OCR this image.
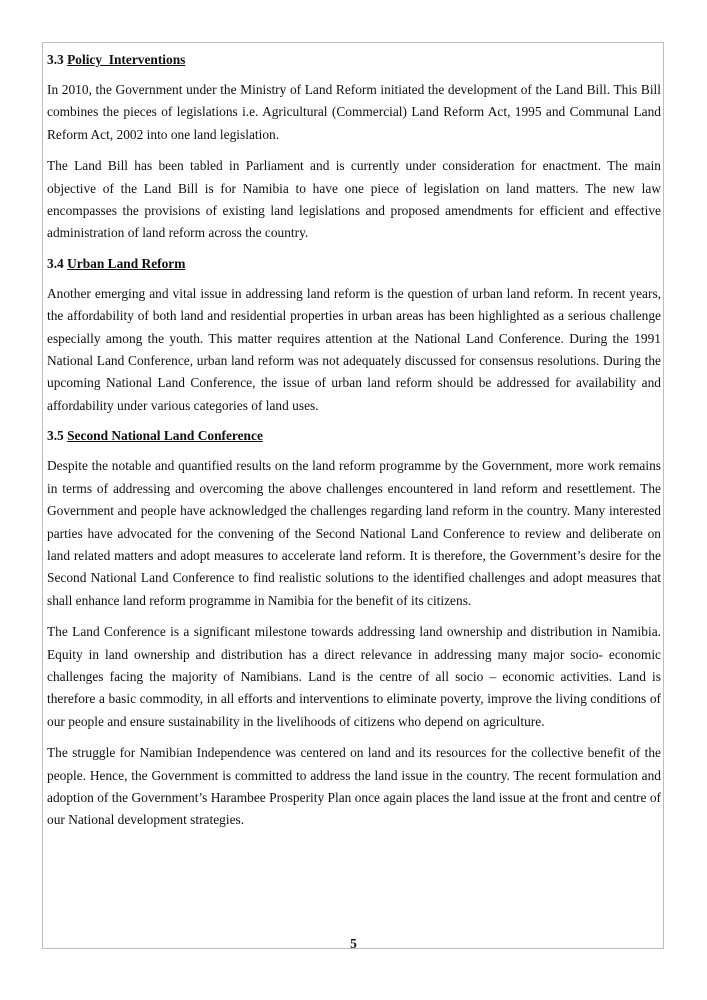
3.3 Policy  Interventions

In 2010, the Government under the Ministry of Land Reform initiated the development of the Land Bill. This Bill combines the pieces of legislations i.e. Agricultural (Commercial) Land Reform Act, 1995 and Communal Land Reform Act, 2002 into one land legislation.

The Land Bill has been tabled in Parliament and is currently under consideration for enactment. The main objective of the Land Bill is for Namibia to have one piece of legislation on land matters. The new law encompasses the provisions of existing land legislations and proposed amendments for efficient and effective administration of land reform across the country.

3.4 Urban Land Reform

Another emerging and vital issue in addressing land reform is the question of urban land reform. In recent years, the affordability of both land and residential properties in urban areas has been highlighted as a serious challenge especially among the youth. This matter requires attention at the National Land Conference. During the 1991 National Land Conference, urban land reform was not adequately discussed for consensus resolutions. During the upcoming National Land Conference, the issue of urban land reform should be addressed for availability and affordability under various categories of land uses.

3.5 Second National Land Conference

Despite the notable and quantified results on the land reform programme by the Government, more work remains in terms of addressing and overcoming the above challenges encountered in land reform and resettlement. The Government and people have acknowledged the challenges regarding land reform in the country. Many interested parties have advocated for the convening of the Second National Land Conference to review and deliberate on land related matters and adopt measures to accelerate land reform. It is therefore, the Government’s desire for the Second National Land Conference to find realistic solutions to the identified challenges and adopt measures that shall enhance land reform programme in Namibia for the benefit of its citizens.

The Land Conference is a significant milestone towards addressing land ownership and distribution in Namibia. Equity in land ownership and distribution has a direct relevance in addressing many major socio- economic challenges facing the majority of Namibians. Land is the centre of all socio – economic activities. Land is therefore a basic commodity, in all efforts and interventions to eliminate poverty, improve the living conditions of our people and ensure sustainability in the livelihoods of citizens who depend on agriculture.

The struggle for Namibian Independence was centered on land and its resources for the collective benefit of the people. Hence, the Government is committed to address the land issue in the country. The recent formulation and adoption of the Government’s Harambee Prosperity Plan once again places the land issue at the front and centre of our National development strategies.

5
